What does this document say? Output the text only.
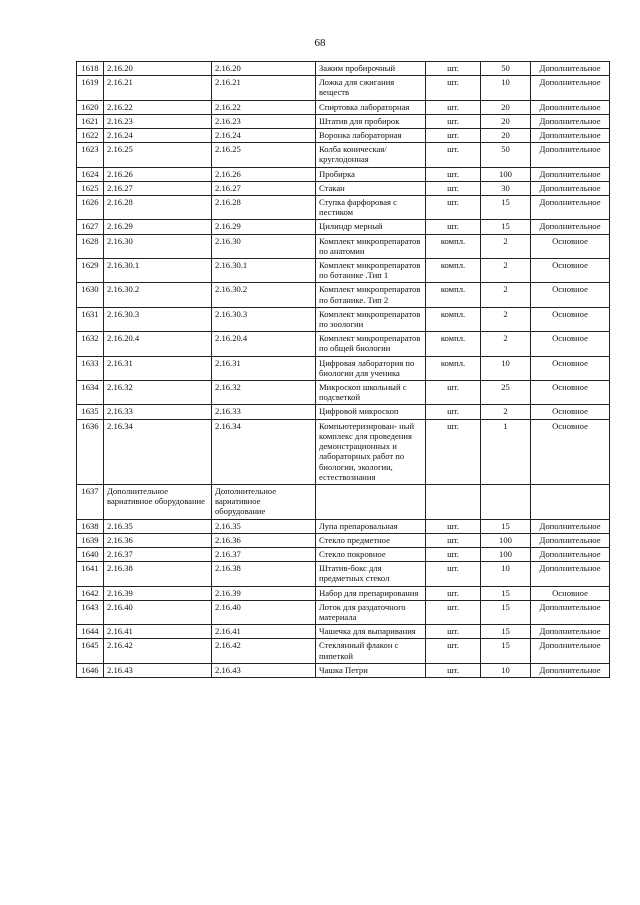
68
1618	2.16.20	2.16.20	Зажим пробирочный	шт.	50	Дополнительное
1619	2.16.21	2.16.21	Ложка для сжигания веществ	шт.	10	Дополнительное
1620	2.16.22	2.16.22	Спиртовка лабораторная	шт.	20	Дополнительное
1621	2.16.23	2.16.23	Штатив для пробирок	шт.	20	Дополнительное
1622	2.16.24	2.16.24	Воронка лабораторная	шт.	20	Дополнительное
1623	2.16.25	2.16.25	Колба коническая/ круглодонная	шт.	50	Дополнительное
1624	2.16.26	2.16.26	Пробирка	шт.	100	Дополнительное
1625	2.16.27	2.16.27	Стакан	шт.	30	Дополнительное
1626	2.16.28	2.16.28	Ступка фарфоровая с пестиком	шт.	15	Дополнительное
1627	2.16.29	2.16.29	Цилиндр мерный	шт.	15	Дополнительное
1628	2.16.30	2.16.30	Комплект микропрепаратов по анатомии	компл.	2	Основное
1629	2.16.30.1	2.16.30.1	Комплект микропрепаратов по ботанике .Тип 1	компл.	2	Основное
1630	2.16.30.2	2.16.30.2	Комплект микропрепаратов по ботанике. Тип 2	компл.	2	Основное
1631	2.16.30.3	2.16.30.3	Комплект микропрепаратов по зоологии	компл.	2	Основное
1632	2.16.20.4	2.16.20.4	Комплект микропрепаратов по общей биологии	компл.	2	Основное
1633	2.16.31	2.16.31	Цифровая лаборатория по биологии для ученика	компл.	10	Основное
1634	2.16.32	2.16.32	Микроскоп школьный с подсветкой	шт.	25	Основное
1635	2.16.33	2.16.33	Цифровой микроскоп	шт.	2	Основное
1636	2.16.34	2.16.34	Компьютеризирован- ный комплекс для проведения демонстрационных и лабораторных работ по биологии, экологии, естествознания	шт.	1	Основное
1637	Дополнительное вариативное оборудование	Дополнительное вариативное оборудование				
1638	2.16.35	2.16.35	Лупа препаровальная	шт.	15	Дополнительное
1639	2.16.36	2.16.36	Стекло предметное	шт.	100	Дополнительное
1640	2.16.37	2.16.37	Стекло покровное	шт.	100	Дополнительное
1641	2.16.38	2.16.38	Штатив-бокс для предметных стекол	шт.	10	Дополнительное
1642	2.16.39	2.16.39	Набор для препарирования	шт.	15	Основное
1643	2.16.40	2.16.40	Лоток для раздаточного материала	шт.	15	Дополнительное
1644	2.16.41	2.16.41	Чашечка для выпаривания	шт.	15	Дополнительное
1645	2.16.42	2.16.42	Стеклянный флакон с пипеткой	шт.	15	Дополнительное
1646	2.16.43	2.16.43	Чашка Петри	шт.	10	Дополнительное
